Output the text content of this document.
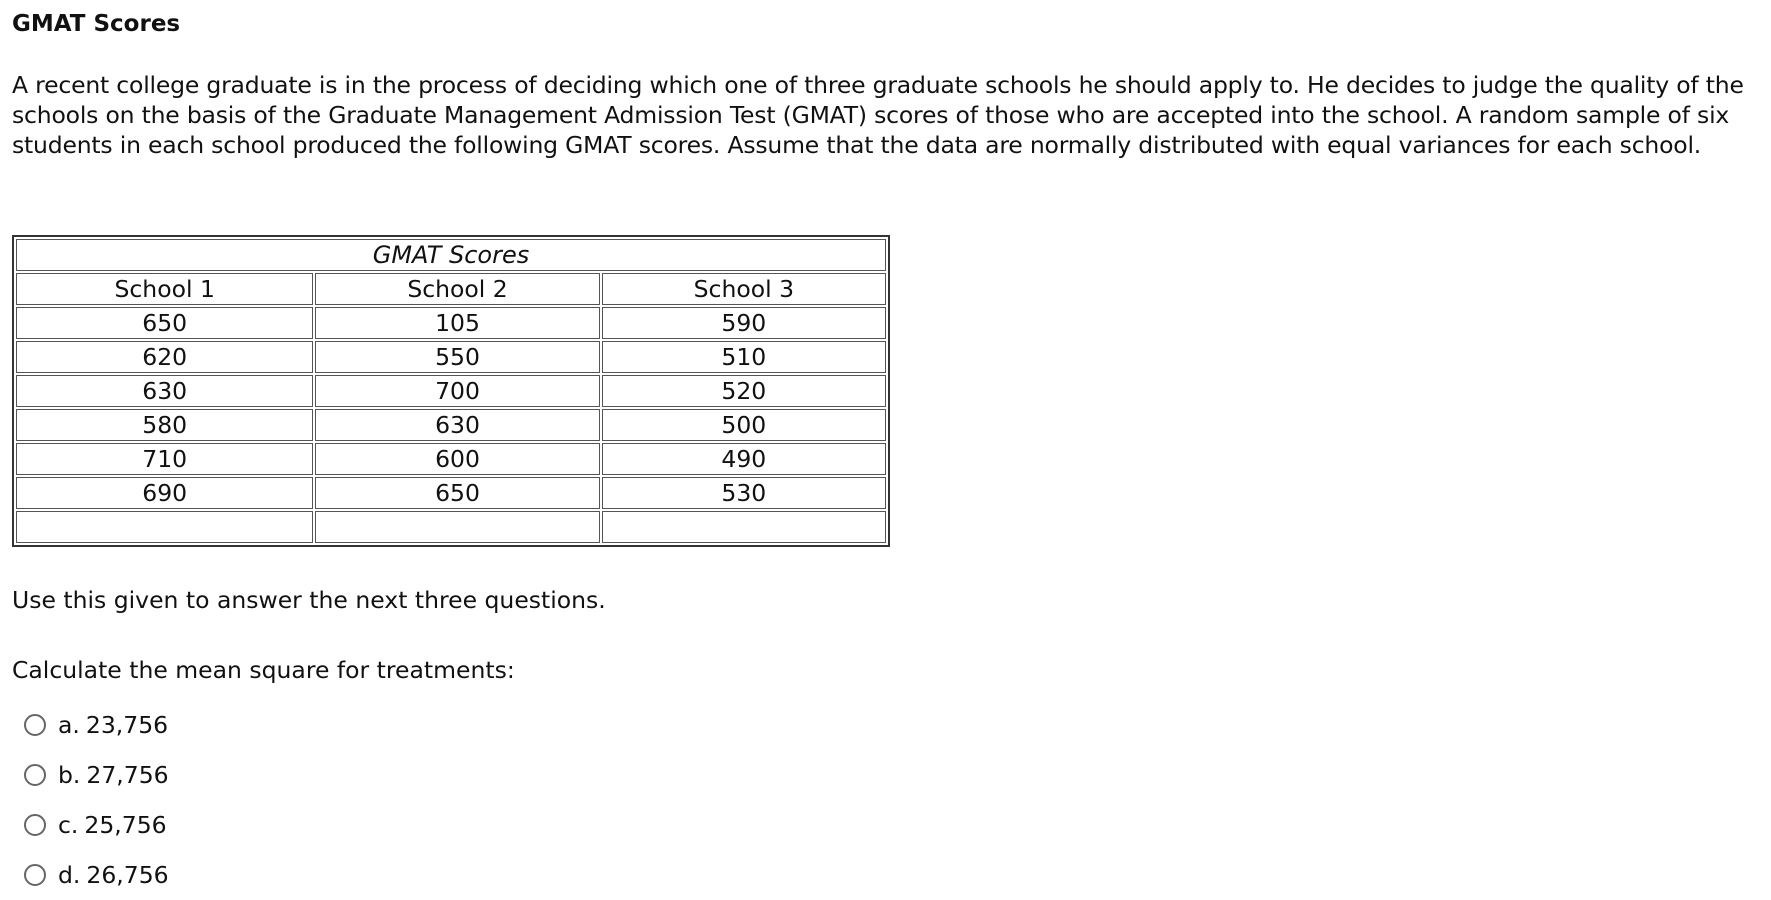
GMAT Scores
A recent college graduate is in the process of deciding which one of three graduate schools he should apply to. He decides to judge the quality of the schools on the basis of the Graduate Management Admission Test (GMAT) scores of those who are accepted into the school. A random sample of six students in each school produced the following GMAT scores. Assume that the data are normally distributed with equal variances for each school.
GMAT Scores		
School 1	School 2	School 3
650	105	590
620	550	510
630	700	520
580	630	500
710	600	490
690	650	530

Use this given to answer the next three questions.
Calculate the mean square for treatments:
a. 23,756
b. 27,756
c. 25,756
d. 26,756
